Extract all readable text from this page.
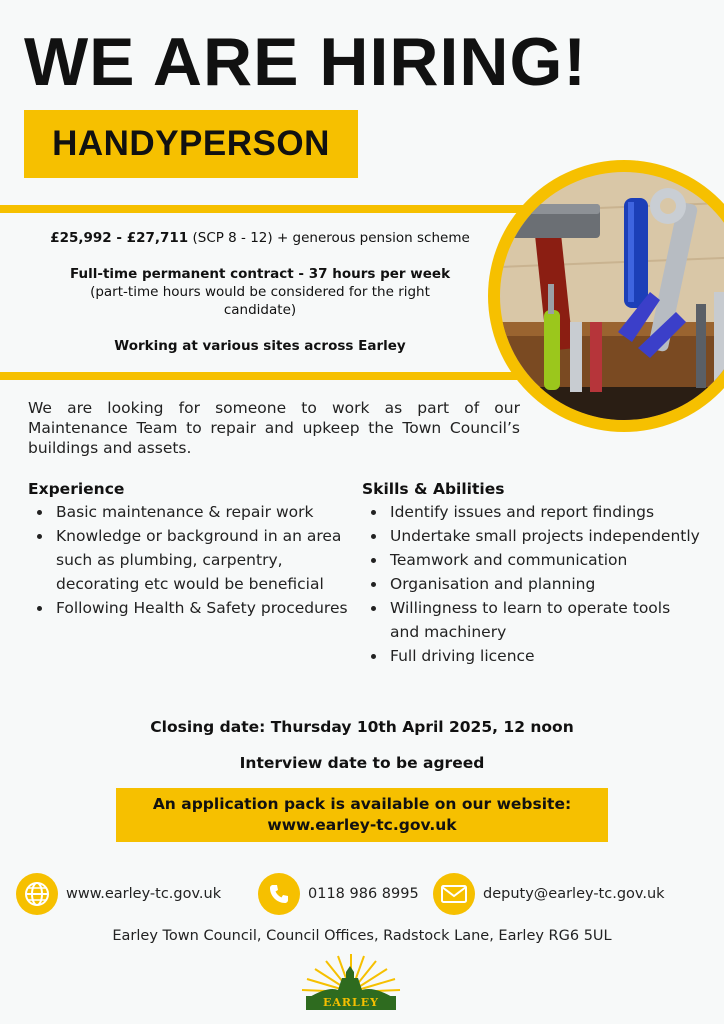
WE ARE HIRING!
HANDYPERSON
£25,992 - £27,711 (SCP 8 - 12) + generous pension scheme
Full-time permanent contract - 37 hours per week
(part-time hours would be considered for the right candidate)
Working at various sites across Earley
We are looking for someone to work as part of our Maintenance Team to repair and upkeep the Town Council’s buildings and assets.
Experience
Basic maintenance & repair work
Knowledge or background in an area such as plumbing, carpentry, decorating etc would be beneficial
Following Health & Safety procedures
Skills & Abilities
Identify issues and report findings
Undertake small projects independently
Teamwork and communication
Organisation and planning
Willingness to learn to operate tools and machinery
Full driving licence
Closing date: Thursday 10th April 2025, 12 noon
Interview date to be agreed
An application pack is available on our website:
www.earley-tc.gov.uk
www.earley-tc.gov.uk	0118 986 8995	deputy@earley-tc.gov.uk
Earley Town Council, Council Offices, Radstock Lane, Earley RG6 5UL
EARLEY
